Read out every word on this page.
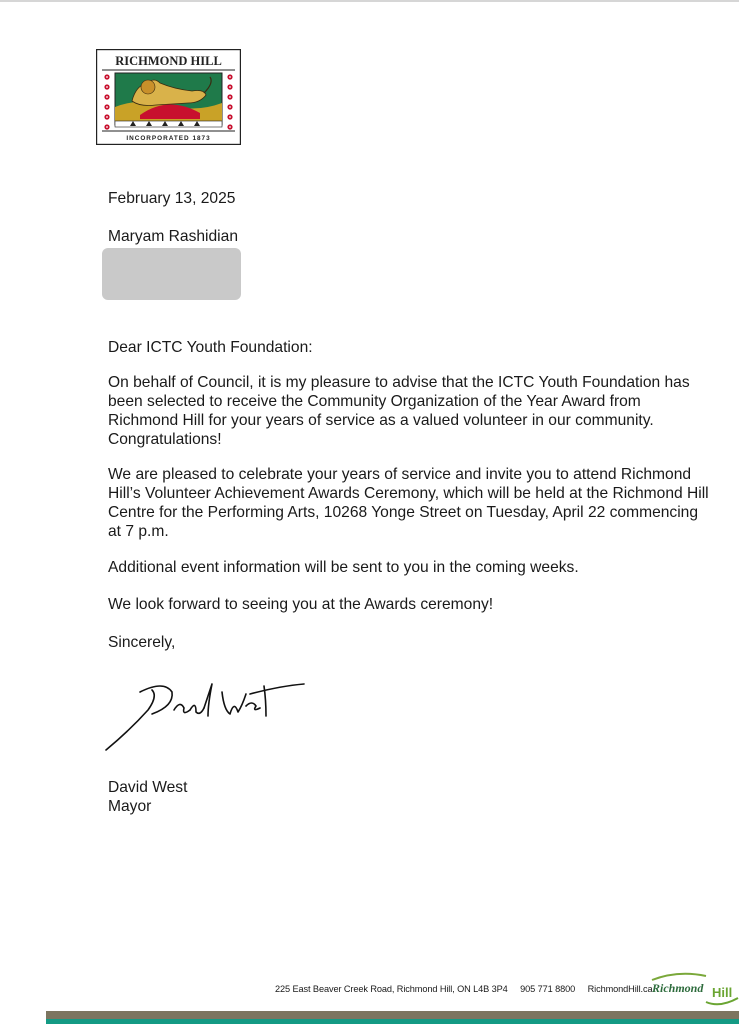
RICHMOND HILL
INCORPORATED 1873
February 13, 2025
Maryam Rashidian
Dear ICTC Youth Foundation:
On behalf of Council, it is my pleasure to advise that the ICTC Youth Foundation has been selected to receive the Community Organization of the Year Award from Richmond Hill for your years of service as a valued volunteer in our community. Congratulations!
We are pleased to celebrate your years of service and invite you to attend Richmond Hill’s Volunteer Achievement Awards Ceremony, which will be held at the Richmond Hill Centre for the Performing Arts, 10268 Yonge Street on Tuesday, April 22 commencing at 7 p.m.
Additional event information will be sent to you in the coming weeks.
We look forward to seeing you at the Awards ceremony!
Sincerely,
David West
Mayor
225 East Beaver Creek Road, Richmond Hill, ON L4B 3P4 905 771 8800 RichmondHill.ca Richmond Hill
